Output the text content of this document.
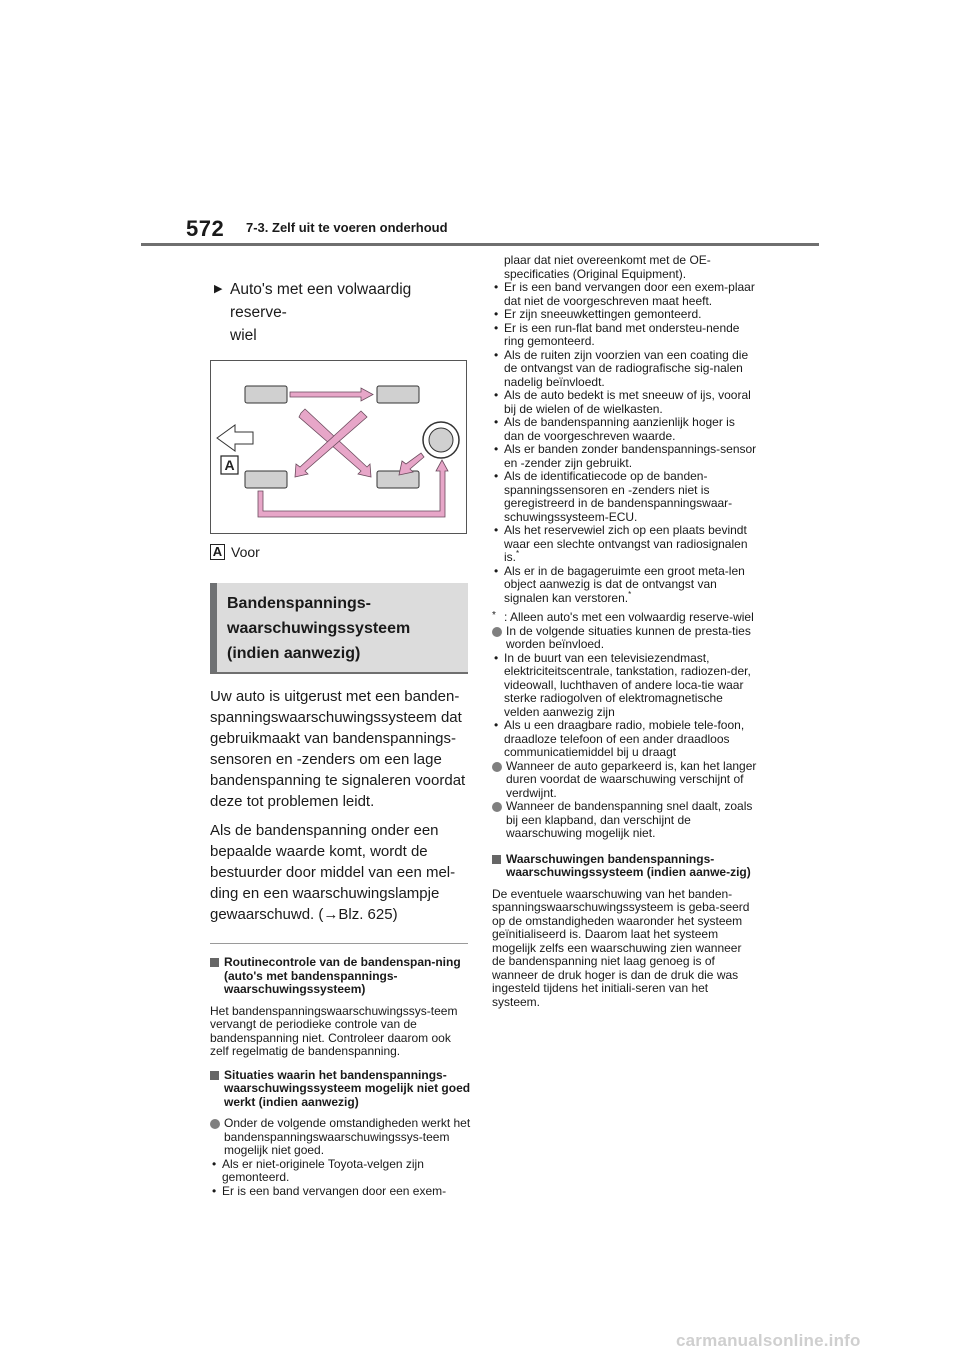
572 7-3. Zelf uit te voeren onderhoud
▶ Auto's met een volwaardig reserve-
wiel
A
A Voor
Bandenspannings-
waarschuwingssysteem
(indien aanwezig)

Uw auto is uitgerust met een banden-spanningswaarschuwingssysteem dat gebruikmaakt van bandenspannings-sensoren en -zenders om een lage bandenspanning te signaleren voordat deze tot problemen leidt.

Als de bandenspanning onder een bepaalde waarde komt, wordt de bestuurder door middel van een mel-ding en een waarschuwingslampje gewaarschuwd. (→Blz. 625)

Routinecontrole van de bandenspan-ning (auto's met bandenspannings-waarschuwingssysteem)

Het bandenspanningswaarschuwingssys-teem vervangt de periodieke controle van de bandenspanning niet. Controleer daarom ook zelf regelmatig de bandenspanning.

Situaties waarin het bandenspannings-waarschuwingssysteem mogelijk niet goed werkt (indien aanwezig)
Onder de volgende omstandigheden werkt het bandenspanningswaarschuwingssys-teem mogelijk niet goed.
• Als er niet-originele Toyota-velgen zijn gemonteerd.
• Er is een band vervangen door een exem-

plaar dat niet overeenkomt met de OE-specificaties (Original Equipment).

• Er is een band vervangen door een exem-plaar dat niet de voorgeschreven maat heeft.
• Er zijn sneeuwkettingen gemonteerd.
• Er is een run-flat band met ondersteu-nende ring gemonteerd.
• Als de ruiten zijn voorzien van een coating die de ontvangst van de radiografische sig-nalen nadelig beïnvloedt.
• Als de auto bedekt is met sneeuw of ijs, vooral bij de wielen of de wielkasten.
• Als de bandenspanning aanzienlijk hoger is dan de voorgeschreven waarde.
• Als er banden zonder bandenspannings-sensor en -zender zijn gebruikt.
• Als de identificatiecode op de banden-spanningssensoren en -zenders niet is geregistreerd in de bandenspanningswaar-schuwingssysteem-ECU.
• Als het reservewiel zich op een plaats bevindt waar een slechte ontvangst van radiosignalen is.*
• Als er in de bagageruimte een groot meta-len object aanwezig is dat de ontvangst van signalen kan verstoren.*
* : Alleen auto's met een volwaardig reserve-wiel
In de volgende situaties kunnen de presta-ties worden beïnvloed.
• In de buurt van een televisiezendmast, elektriciteitscentrale, tankstation, radiozen-der, videowall, luchthaven of andere loca-tie waar sterke radiogolven of elektromagnetische velden aanwezig zijn
• Als u een draagbare radio, mobiele tele-foon, draadloze telefoon of een ander draadloos communicatiemiddel bij u draagt
Wanneer de auto geparkeerd is, kan het langer duren voordat de waarschuwing verschijnt of verdwijnt.
Wanneer de bandenspanning snel daalt, zoals bij een klapband, dan verschijnt de waarschuwing mogelijk niet.
Waarschuwingen bandenspannings-waarschuwingssysteem (indien aanwe-zig)

De eventuele waarschuwing van het banden-spanningswaarschuwingssysteem is geba-seerd op de omstandigheden waaronder het systeem geïnitialiseerd is. Daarom laat het systeem mogelijk zelfs een waarschuwing zien wanneer de bandenspanning niet laag genoeg is of wanneer de druk hoger is dan de druk die was ingesteld tijdens het initiali-seren van het systeem.

carmanualsonline.info
